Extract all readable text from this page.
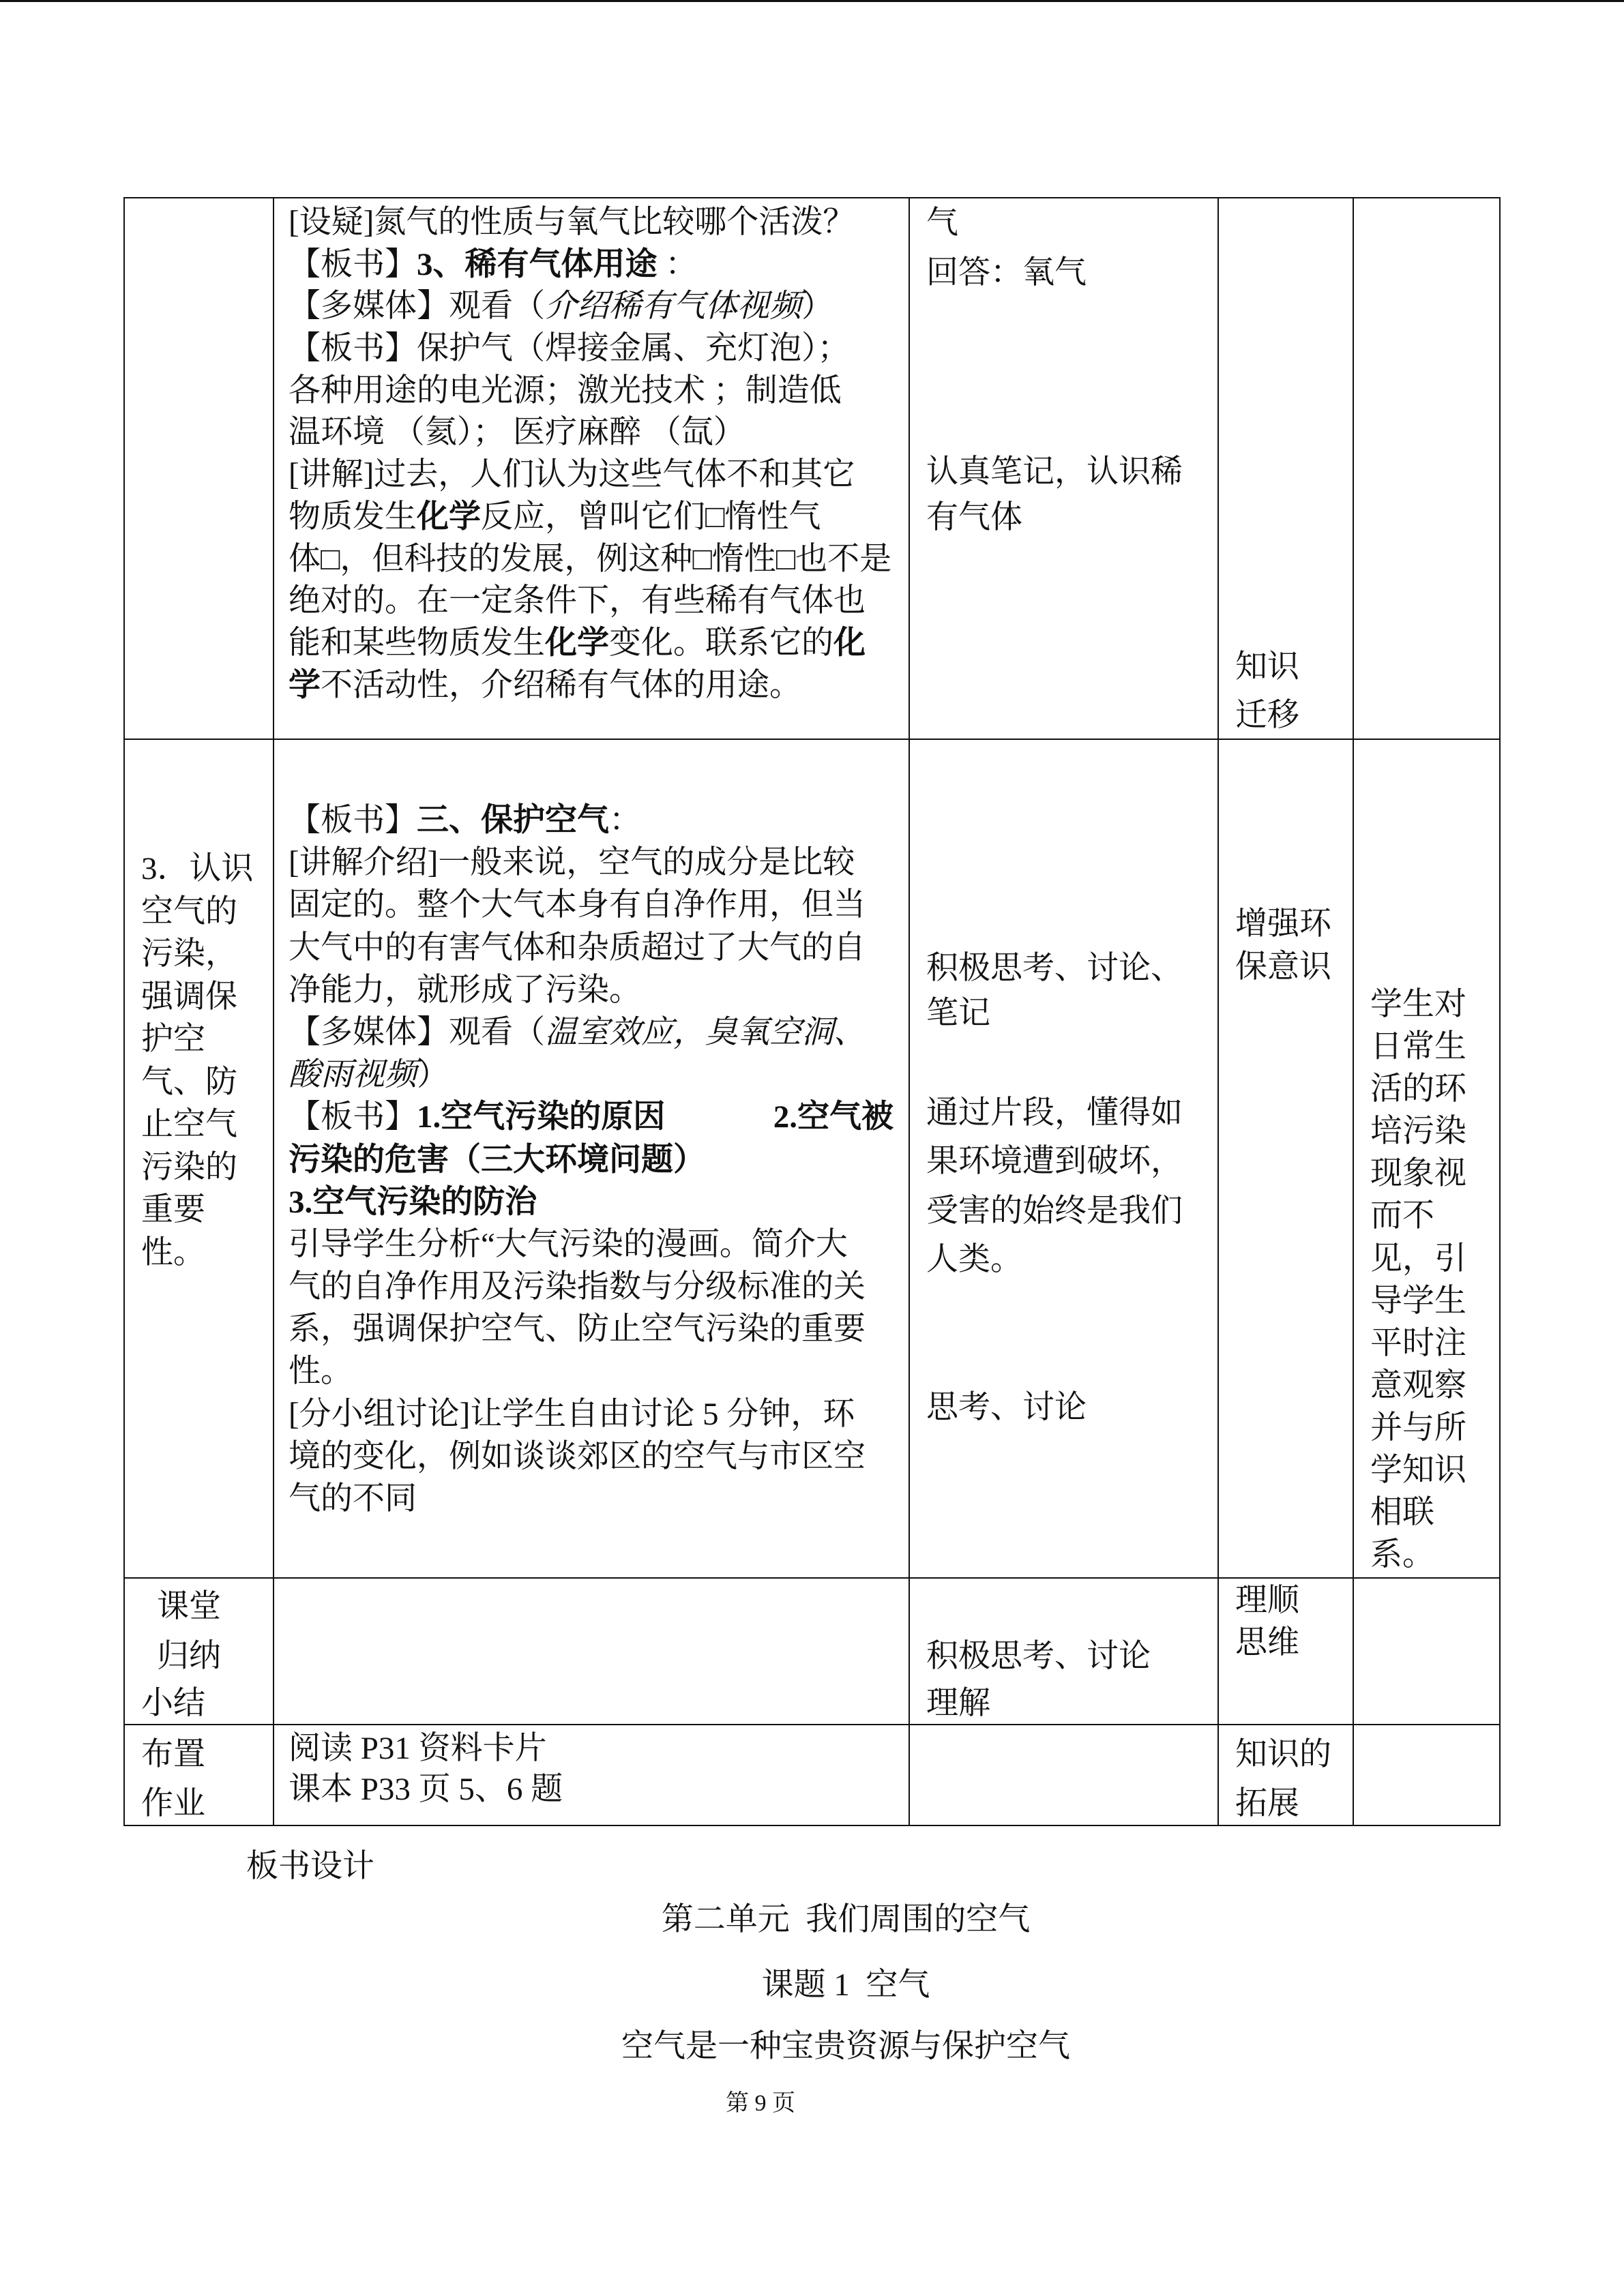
[设疑]氮气的性质与氧气比较哪个活泼？
【板书】3、稀有气体用途 ：
【多媒体】观看（介绍稀有气体视频）
【板书】保护气（焊接金属、充灯泡）；
各种用途的电光源；激光技术 ；制造低
温环境 （氦）； 医疗麻醉 （氙）
[讲解]过去，人们认为这些气体不和其它
物质发生化学反应，曾叫它们□惰性气
体□，但科技的发展，例这种□惰性□也不是
绝对的。在一定条件下，有些稀有气体也
能和某些物质发生化学变化。联系它的化
学不活动性，介绍稀有气体的用途。
气
回答：氧气
认真笔记，认识稀
有气体
知识
迁移
3．认识
空气的
污染，
强调保
护空
气、防
止空气
污染的
重要
性。
【板书】三、保护空气：
[讲解介绍]一般来说，空气的成分是比较
固定的。整个大气本身有自净作用，但当
大气中的有害气体和杂质超过了大气的自
净能力，就形成了污染。
【多媒体】观看（温室效应，臭氧空洞、
酸雨视频）
【板书】1.空气污染的原因	2.空气被
污染的危害（三大环境问题）
3.空气污染的防治
引导学生分析“大气污染的漫画。简介大
气的自净作用及污染指数与分级标准的关
系，强调保护空气、防止空气污染的重要
性。
[分小组讨论]让学生自由讨论 5 分钟，环
境的变化，例如谈谈郊区的空气与市区空
气的不同
积极思考、讨论、
笔记
通过片段，懂得如
果环境遭到破坏，
受害的始终是我们
人类。
思考、讨论
增强环
保意识
学生对
日常生
活的环
培污染
现象视
而不
见，引
导学生
平时注
意观察
并与所
学知识
相联
系。
课堂
归纳
小结
积极思考、讨论
理解
理顺
思维
布置
作业
阅读 P31 资料卡片
课本 P33 页 5、6 题
知识的
拓展
板书设计
第二单元  我们周围的空气
课题 1  空气
空气是一种宝贵资源与保护空气
第 9 页
